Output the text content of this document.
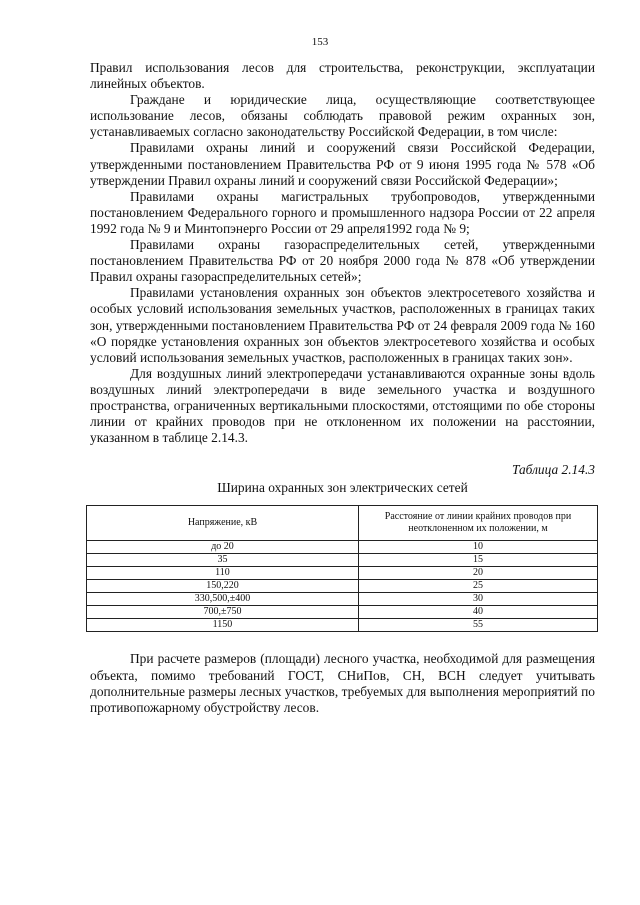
153

Правил использования лесов для строительства, реконструкции, эксплуатации линейных объектов.

Граждане и юридические лица, осуществляющие соответствующее использование лесов, обязаны соблюдать правовой режим охранных зон, устанавливаемых согласно законодательству Российской Федерации, в том числе:

Правилами охраны линий и сооружений связи Российской Федерации, утвержденными постановлением Правительства РФ от 9 июня 1995 года № 578 «Об утверждении Правил охраны линий и сооружений связи Российской Федерации»;

Правилами охраны магистральных трубопроводов, утвержденными постановлением Федерального горного и промышленного надзора России от 22 апреля 1992 года № 9 и Минтопэнерго России от 29 апреля1992 года № 9;

Правилами охраны газораспределительных сетей, утвержденными постановлением Правительства РФ от 20 ноября 2000 года № 878 «Об утверждении Правил охраны газораспределительных сетей»;

Правилами установления охранных зон объектов электросетевого хозяйства и особых условий использования земельных участков, расположенных в границах таких зон, утвержденными постановлением Правительства РФ от 24 февраля 2009 года № 160 «О порядке установления охранных зон объектов электросетевого хозяйства и особых условий использования земельных участков, расположенных в границах таких зон».

Для воздушных линий электропередачи устанавливаются охранные зоны вдоль воздушных линий электропередачи в виде земельного участка и воздушного пространства, ограниченных вертикальными плоскостями, отстоящими по обе стороны линии от крайних проводов при не отклоненном их положении на расстоянии, указанном в таблице 2.14.3.

Таблица 2.14.3
Ширина охранных зон электрических сетей
Напряжение, кВ	Расстояние от линии крайних проводов при неотклоненном их положении, м
до 20	10
35	15
110	20
150,220	25
330,500,±400	30
700,±750	40
1150	55

При расчете размеров (площади) лесного участка, необходимой для размещения объекта, помимо требований ГОСТ, СНиПов, СН, ВСН следует учитывать дополнительные размеры лесных участков, требуемых для выполнения мероприятий по противопожарному обустройству лесов.
